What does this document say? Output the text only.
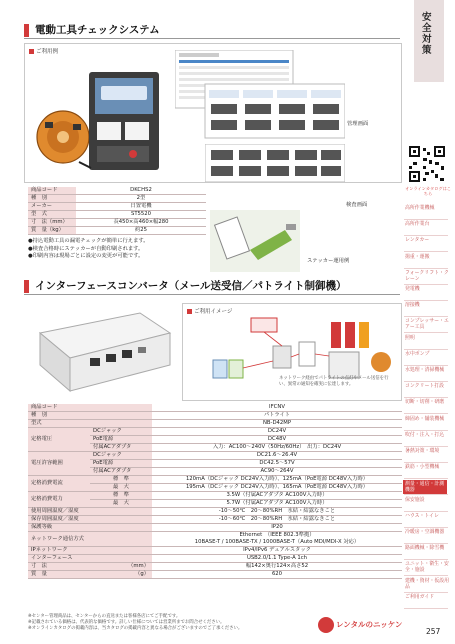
電動工具チェックシステム
ご利用例
管理画面
検査画面
商品コード	DKCHS2
種　別	2型
メーカー	日置電機
型　式	ST5520
寸　法（mm）	長450×高460×幅280
質　量（kg）	約25
●持込電動工具の漏電チェックが簡単に行えます。
●検査合格時にステッカーが自動印刷されます。
●印刷内容は現場ごとに設定の変更が可能です。
ステッカー運用例
インターフェースコンバータ（メール送受信／パトライト制御機）
ご利用イメージ
ネットワーク経由でパトライトの点灯やメール送信を行い、異常の通知を確実に伝達します。
商品コード		IFCNV
種　別		パトライト
型式		NB-D42MP
定格電圧	DCジャック	DC24V
	PoE電源	DC48V
	付属ACアダプタ	入力：AC100〜240V（50Hz/60Hz）　出力：DC24V
電圧許容範囲	DCジャック	DC21.6〜26.4V
	PoE電源	DC42.5〜57V
	付属ACアダプタ	AC90〜264V
定格消費電流	標　準	120mA（DCジャック DC24V入力時）、125mA（PoE電源 DC48V入力時）
	最　大	195mA（DCジャック DC24V入力時）、165mA（PoE電源 DC48V入力時）
定格消費電力	標　準	3.5W（付属ACアダプタ AC100V入力時）
	最　大	5.7W（付属ACアダプタ AC100V入力時）
使用周囲温度／湿度		-10〜50℃　20〜80%RH　氷結・結露なきこと
保存周囲温度／湿度		-10〜60℃　20〜80%RH　氷結・結露なきこと
保護等級		IP20
ネットワーク通信方式		Ethernet　（IEEE 802.3準拠）
10BASE-T / 100BASE-TX / 1000BASE-T（Auto MDI/MDI-X 対応）

IPネットワーク		IPv4/IPv6 デュアルスタック
インターフェース		USB2.0/1.1 Type-A 1ch
寸　法	（mm）	幅142×奥行124×高さ52
質　量	（g）	620
※センター管理商品は、センターからの直送または客様各店にてご手配です。
※記載されている価格は、代表的な価格です。詳しい仕様については営業所までお問合せください。
※オンラインカタログの掲載内容は、当カタログの掲載内容と異なる場合がございますのでご了承ください。	レンタルのニッケン
257
安全対策
オンラインカタログはこちら
高所作業機械
高所作業台
レンタカー
揚重・運搬
フォークリフト・クレーン
発電機
溶接機
コンプレッサー・エアー工具
照明
水中ポンプ
水処理・清掃機械
コンクリート打設
切断・切削・研磨
締固め・舗装機械
吹付・注入・打込
暑熱対策・環境
鉄筋・小型機械
測量・通信・計測機器
保安施設
ハウス・トイレ
冷暖房・空調機器
路面機械・除雪機
ユニット・衛生・安全・施設
建機・資材・仮設用品
ご利用ガイド
